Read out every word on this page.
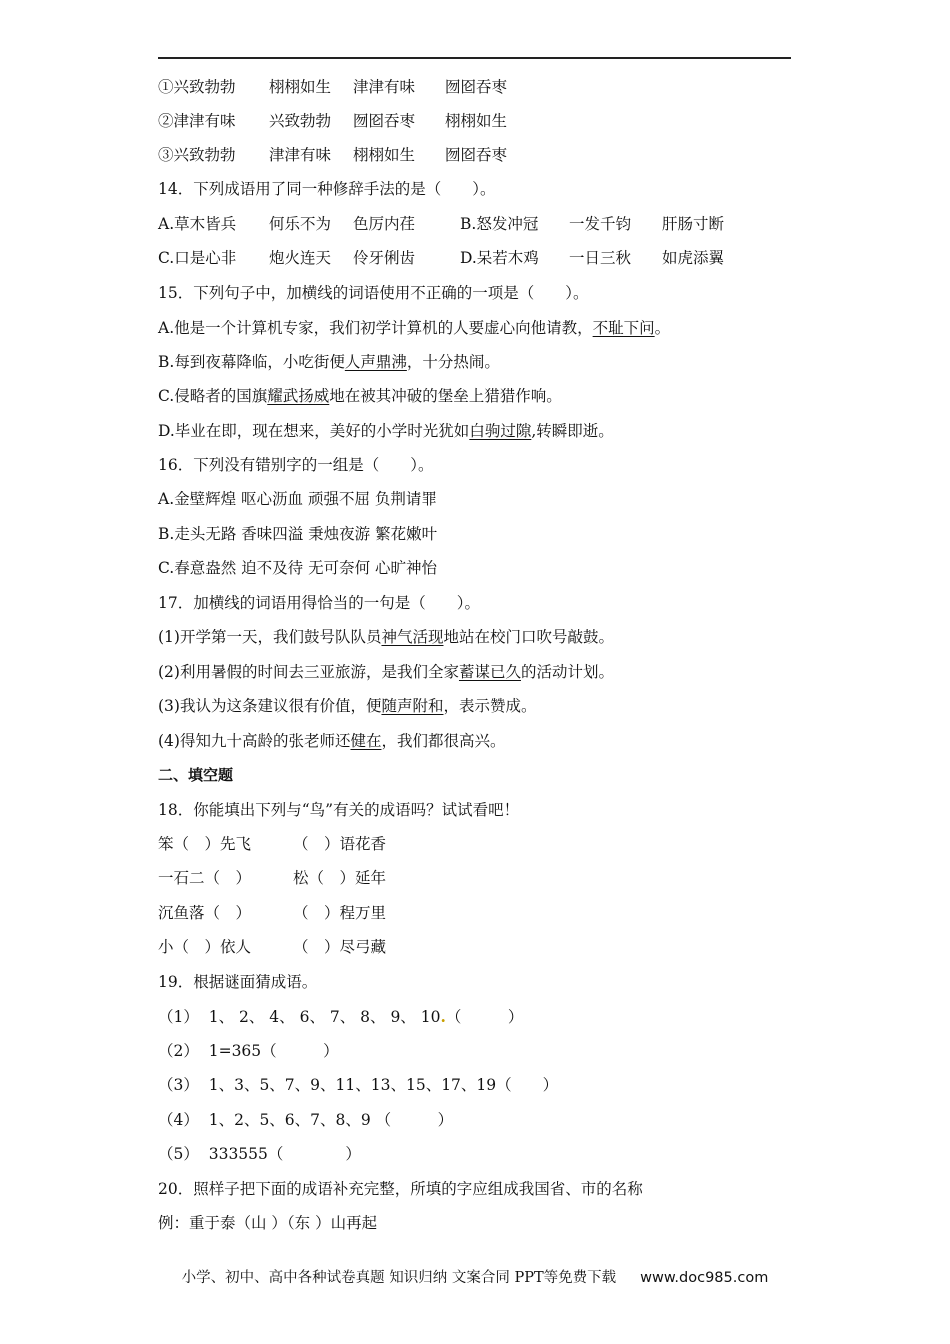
①兴致勃勃	栩栩如生	津津有味	囫囵吞枣
②津津有味	兴致勃勃	囫囵吞枣	栩栩如生
③兴致勃勃	津津有味	栩栩如生	囫囵吞枣
14．下列成语用了同一种修辞手法的是（　　）。
A.草木皆兵	何乐不为	色厉内荏	B.怒发冲冠	一发千钧	肝肠寸断
C.口是心非	炮火连天	伶牙俐齿	D.呆若木鸡	一日三秋	如虎添翼
15．下列句子中，加横线的词语使用不正确的一项是（　　）。
A.他是一个计算机专家，我们初学计算机的人要虚心向他请教，不耻下问。
B.每到夜幕降临，小吃街便人声鼎沸，十分热闹。
C.侵略者的国旗耀武扬威地在被其冲破的堡垒上猎猎作响。
D.毕业在即，现在想来，美好的小学时光犹如白驹过隙,转瞬即逝。
16．下列没有错别字的一组是（　　）。
A.金壁辉煌 呕心沥血 顽强不屈 负荆请罪
B.走头无路 香味四溢 秉烛夜游 繁花嫩叶
C.春意盎然 迫不及待 无可奈何 心旷神怡
17．加横线的词语用得恰当的一句是（　　）。
(1)开学第一天，我们鼓号队队员神气活现地站在校门口吹号敲鼓。
(2)利用暑假的时间去三亚旅游，是我们全家蓄谋已久的活动计划。
(3)我认为这条建议很有价值，便随声附和，表示赞成。
(4)得知九十高龄的张老师还健在，我们都很高兴。
二、填空题
18．你能填出下列与“鸟”有关的成语吗？试试看吧！
笨（　）先飞	（　）语花香
一石二（　）	松（　）延年
沉鱼落（　）	（　）程万里
小（　）依人	（　）尽弓藏
19．根据谜面猜成语。
（1）  1、 2、 4、 6、 7、 8、 9、 10.（　　　）
（2）  1=365（　　　）
（3）  1、3、5、7、9、11、13、15、17、19（　　）
（4）  1、2、5、6、7、8、9 （　　　）
（5）  333555（　　　　）
20．照样子把下面的成语补充完整，所填的字应组成我国省、市的名称
例：重于泰（山 ）（东 ）山再起
小学、初中、高中各种试卷真题 知识归纳 文案合同 PPT等免费下载 www.doc985.com
